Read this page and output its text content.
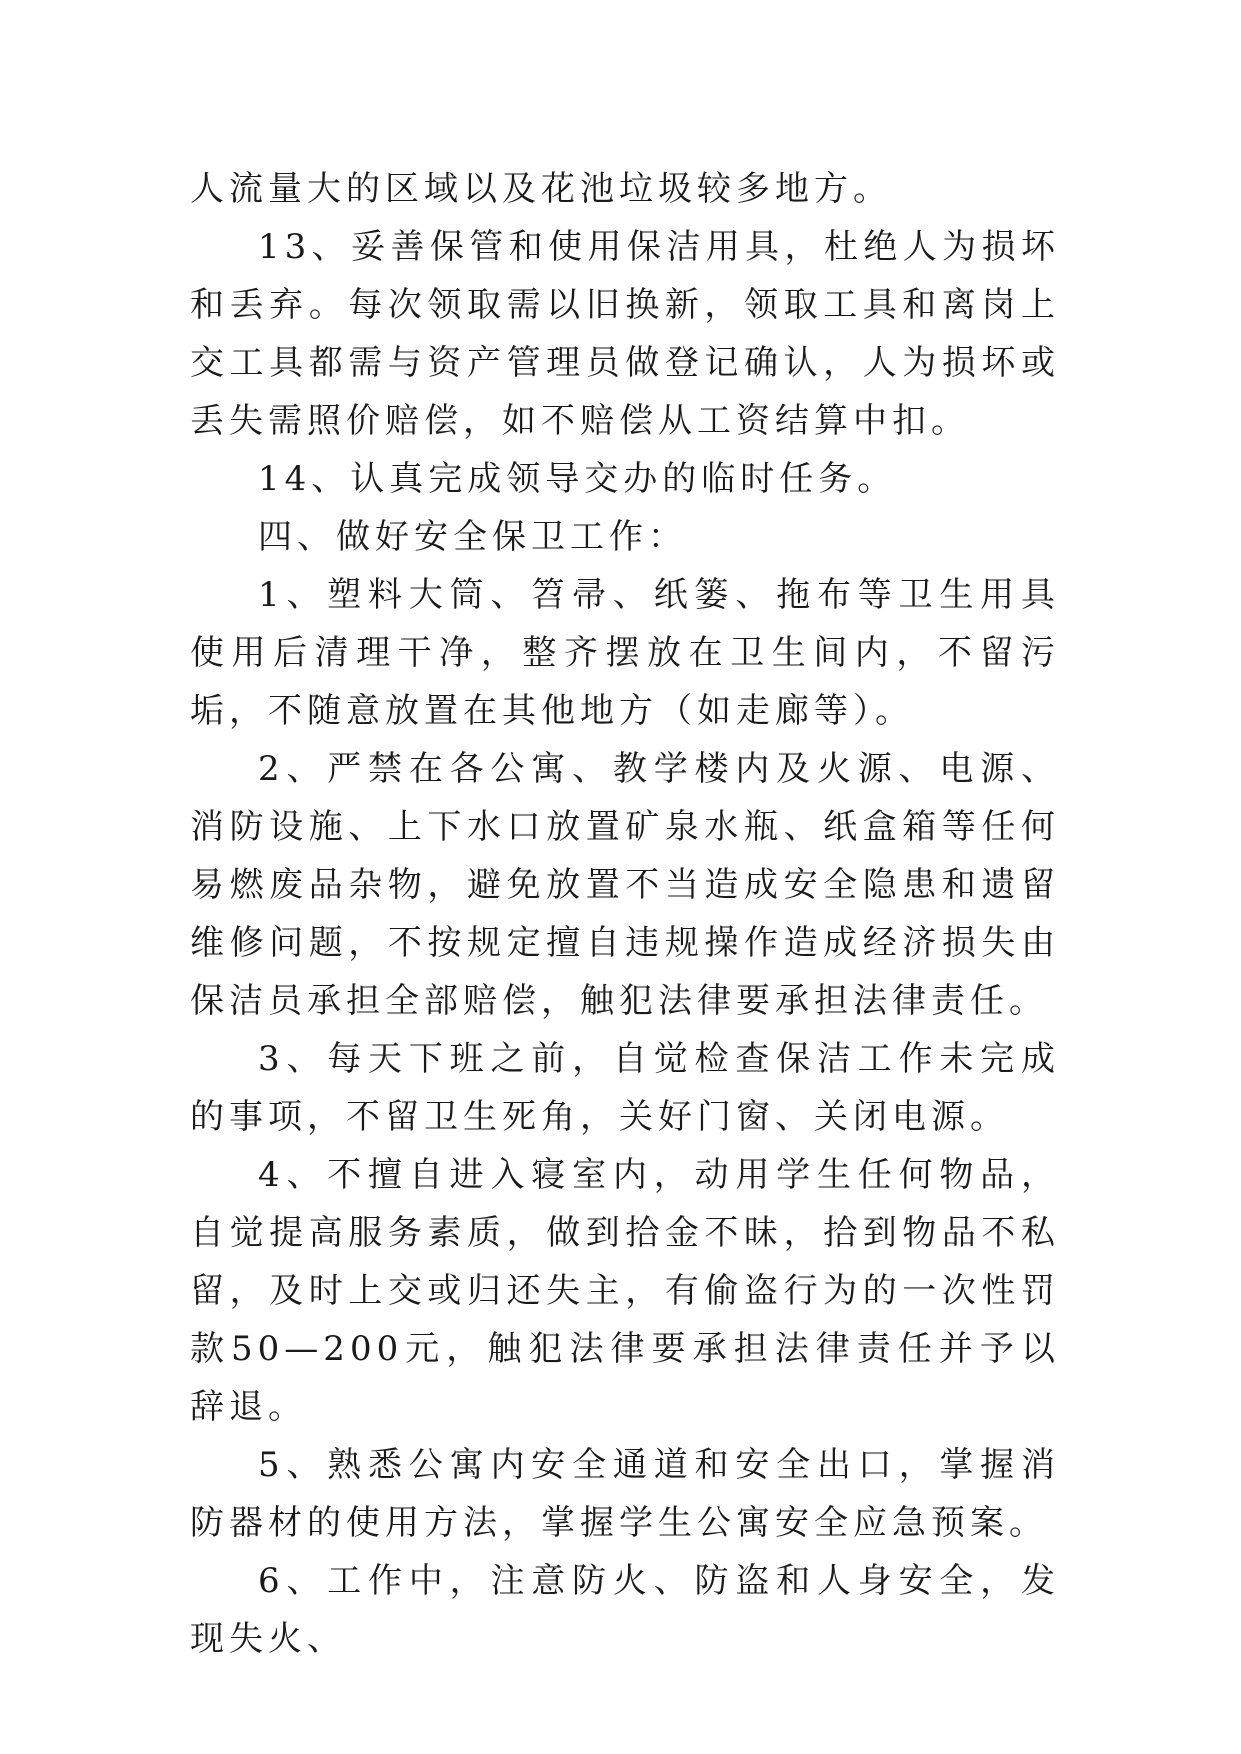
人流量大的区域以及花池垃圾较多地方。

13、妥善保管和使用保洁用具，杜绝人为损坏和丢弃。每次领取需以旧换新，领取工具和离岗上交工具都需与资产管理员做登记确认，人为损坏或丢失需照价赔偿，如不赔偿从工资结算中扣。

14、认真完成领导交办的临时任务。

四、做好安全保卫工作：

1、塑料大筒、笤帚、纸篓、拖布等卫生用具使用后清理干净，整齐摆放在卫生间内，不留污垢，不随意放置在其他地方（如走廊等）。

2、严禁在各公寓、教学楼内及火源、电源、消防设施、上下水口放置矿泉水瓶、纸盒箱等任何易燃废品杂物，避免放置不当造成安全隐患和遗留维修问题，不按规定擅自违规操作造成经济损失由保洁员承担全部赔偿，触犯法律要承担法律责任。

3、每天下班之前，自觉检查保洁工作未完成的事项，不留卫生死角，关好门窗、关闭电源。

4、不擅自进入寝室内，动用学生任何物品，自觉提高服务素质，做到拾金不昧，拾到物品不私留，及时上交或归还失主，有偷盗行为的一次性罚款50—200元，触犯法律要承担法律责任并予以辞退。

5、熟悉公寓内安全通道和安全出口，掌握消防器材的使用方法，掌握学生公寓安全应急预案。

6、工作中，注意防火、防盗和人身安全，发现失火、
